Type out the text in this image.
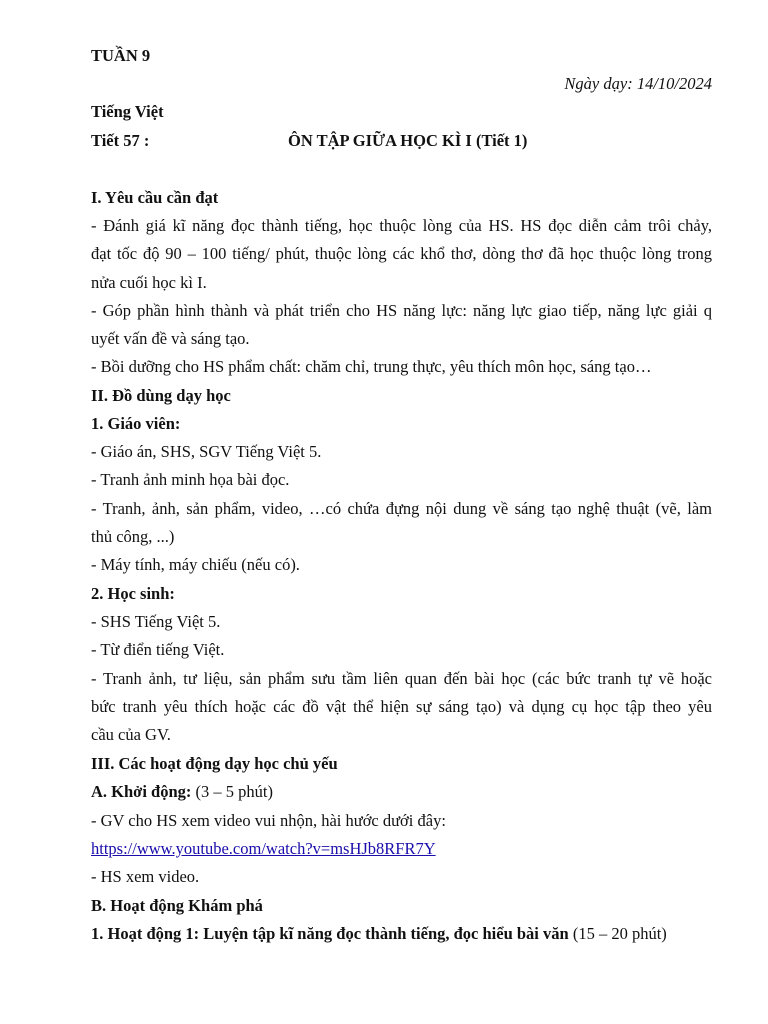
TUẦN 9
Ngày dạy: 14/10/2024
Tiếng Việt
Tiết 57 :	ÔN TẬP GIỮA HỌC KÌ I (Tiết 1)
I. Yêu cầu cần đạt
- Đánh giá kĩ năng đọc thành tiếng, học thuộc lòng của HS. HS đọc diễn cảm trôi chảy,
đạt tốc độ 90 – 100 tiếng/ phút, thuộc lòng các khổ thơ, dòng thơ đã học thuộc lòng trong
nửa cuối học kì I.
- Góp phần hình thành và phát triển cho HS năng lực: năng lực giao tiếp, năng lực giải q
uyết vấn đề và sáng tạo.
- Bồi dưỡng cho HS phẩm chất: chăm chỉ, trung thực, yêu thích môn học, sáng tạo…
II. Đồ dùng dạy học
1. Giáo viên:
- Giáo án, SHS, SGV Tiếng Việt 5.
- Tranh ảnh minh họa bài đọc.
- Tranh, ảnh, sản phẩm, video, …có chứa đựng nội dung về sáng tạo nghệ thuật (vẽ, làm
thủ công, ...)
- Máy tính, máy chiếu (nếu có).
2. Học sinh:
- SHS Tiếng Việt 5.
- Từ điển tiếng Việt.
- Tranh ảnh, tư liệu, sản phẩm sưu tầm liên quan đến bài học (các bức tranh tự vẽ hoặc
bức tranh yêu thích hoặc các đồ vật thể hiện sự sáng tạo) và dụng cụ học tập theo yêu
cầu của GV.
III. Các hoạt động dạy học chủ yếu
A. Khởi động: (3 – 5 phút)
- GV cho HS xem video vui nhộn, hài hước dưới đây:
https://www.youtube.com/watch?v=msHJb8RFR7Y
- HS xem video.
B. Hoạt động Khám phá
1. Hoạt động 1: Luyện tập kĩ năng đọc thành tiếng, đọc hiểu bài văn (15 – 20 phút)
